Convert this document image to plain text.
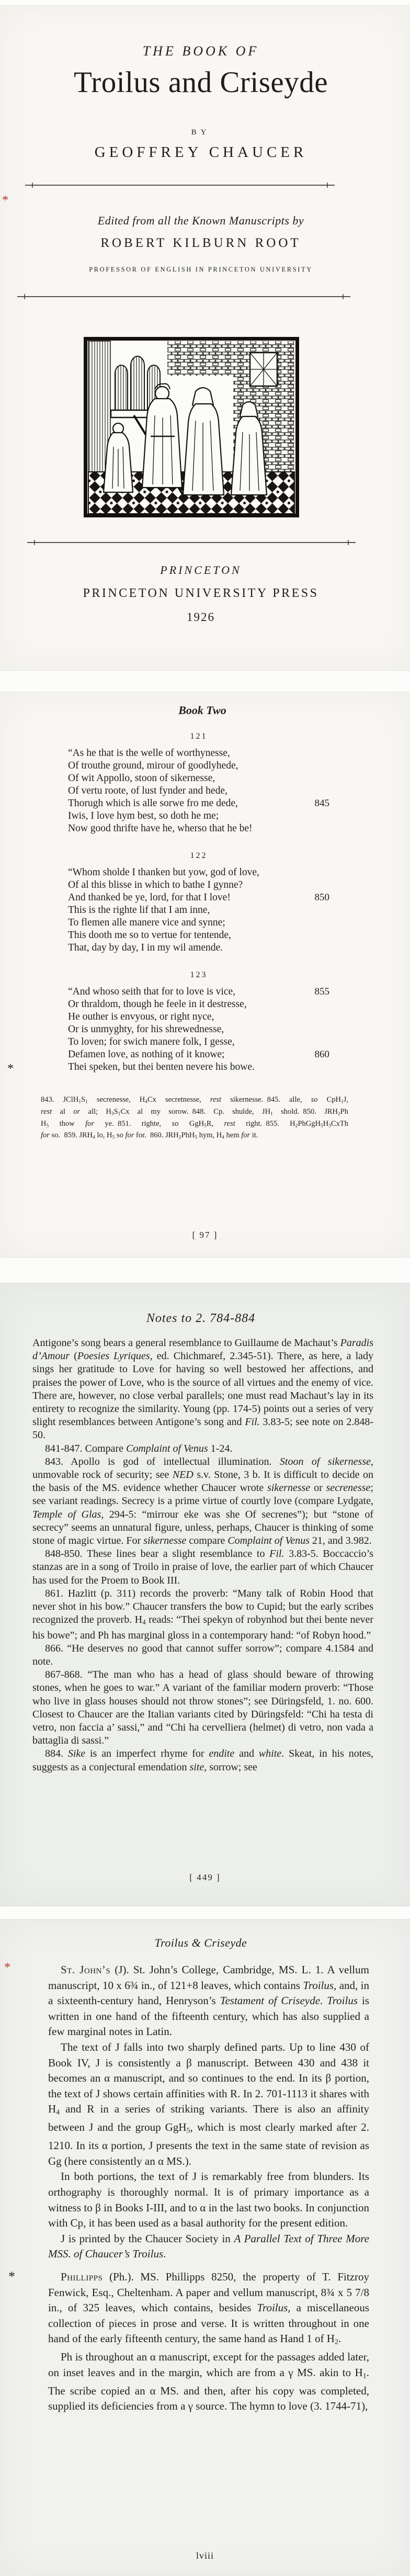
THE BOOK OF
Troilus and Criseyde
BY
GEOFFREY CHAUCER
*
Edited from all the Known Manuscripts by
ROBERT KILBURN ROOT
PROFESSOR OF ENGLISH IN PRINCETON UNIVERSITY
PRINCETON
PRINCETON UNIVERSITY PRESS
1926
Book Two
121
“As he that is the welle of worthynesse,
Of trouthe ground, mirour of goodlyhede,
Of wit Appollo, stoon of sikernesse,
Of vertu roote, of lust fynder and hede,
Thorugh which is alle sorwe fro me dede,	845
Iwis, I love hym best, so doth he me;
Now good thrifte have he, wherso that he be!
122
“Whom sholde I thanken but yow, god of love,
Of al this blisse in which to bathe I gynne?
And thanked be ye, lord, for that I love!	850
This is the righte lif that I am inne,
To flemen alle manere vice and synne;
This dooth me so to vertue for tentende,
That, day by day, I in my wil amende.
123
“And whoso seith that for to love is vice,	855
Or thraldom, though he feele in it destresse,
He outher is envyous, or right nyce,
Or is unmyghty, for his shrewednesse,
To loven; for swich manere folk, I gesse,
Defamen love, as nothing of it knowe;	860
Thei speken, but thei benten nevere his bowe.
*
843. JClH1S1 secrenesse, H4Cx secretnesse, rest sikernesse. 845. alle, so CpH1J,
rest al or all; H3S1Cx al my sorow. 848. Cp. shulde, JH1 shold. 850. JRH2Ph
H5 thow for ye. 851. righte, so GgH5R, rest right. 855. H2PhGgH5H3CxTh
for so. 859. JRH4 lo, H5 so for for. 860. JRH2PhH5 hym, H4 hem for it.
[ 97 ]
Notes to 2. 784-884
Antigone’s song bears a general resemblance to Guillaume de Machaut’s Paradis d’Amour (Poesies Lyriques, ed. Chichmaref, 2.345-51). There, as here, a lady sings her gratitude to Love for having so well bestowed her affections, and praises the power of Love, who is the source of all virtues and the enemy of vice. There are, however, no close verbal parallels; one must read Machaut’s lay in its entirety to recognize the similarity. Young (pp. 174-5) points out a series of very slight resemblances between Antigone’s song and Fil. 3.83-5; see note on 2.848-50.
841-847. Compare Complaint of Venus 1-24.
843. Apollo is god of intellectual illumination. Stoon of sikernesse, unmovable rock of security; see NED s.v. Stone, 3 b. It is difficult to decide on the basis of the MS. evidence whether Chaucer wrote sikernesse or secrenesse; see variant readings. Secrecy is a prime virtue of courtly love (compare Lydgate, Temple of Glas, 294-5: “mirrour eke was she Of secrenes”); but “stone of secrecy” seems an unnatural figure, unless, perhaps, Chaucer is thinking of some stone of magic virtue. For sikernesse compare Complaint of Venus 21, and 3.982.
848-850. These lines bear a slight resemblance to Fil. 3.83-5. Boccaccio’s stanzas are in a song of Troilo in praise of love, the earlier part of which Chaucer has used for the Proem to Book III.
861. Hazlitt (p. 311) records the proverb: “Many talk of Robin Hood that never shot in his bow.” Chaucer transfers the bow to Cupid; but the early scribes recognized the proverb. H4 reads: “Thei spekyn of robynhod but thei bente never his bowe”; and Ph has marginal gloss in a contemporary hand: “of Robyn hood.”
866. “He deserves no good that cannot suffer sorrow”; compare 4.1584 and note.
867-868. “The man who has a head of glass should beware of throwing stones, when he goes to war.” A variant of the familiar modern proverb: “Those who live in glass houses should not throw stones”; see Düringsfeld, 1. no. 600. Closest to Chaucer are the Italian variants cited by Düringsfeld: “Chi ha testa di vetro, non faccia a’ sassi,” and “Chi ha cervelliera (helmet) di vetro, non vada a battaglia di sassi.”
884. Sike is an imperfect rhyme for endite and white. Skeat, in his notes, suggests as a conjectural emendation site, sorrow; see
[ 449 ]
Troilus & Criseyde
*	St. John’s (J). St. John’s College, Cambridge, MS. L. 1. A vellum manuscript, 10 x 6¾ in., of 121+8 leaves, which contains Troilus, and, in a sixteenth-century hand, Henryson’s Testament of Criseyde. Troilus is written in one hand of the fifteenth century, which has also supplied a few marginal notes in Latin.
The text of J falls into two sharply defined parts. Up to line 430 of Book IV, J is consistently a β manuscript. Between 430 and 438 it becomes an α manuscript, and so continues to the end. In its β portion, the text of J shows certain affinities with R. In 2. 701-1113 it shares with H4 and R in a series of striking variants. There is also an affinity between J and the group GgH5, which is most clearly marked after 2. 1210. In its α portion, J presents the text in the same state of revision as Gg (here consistently an α MS.).
In both portions, the text of J is remarkably free from blunders. Its orthography is thoroughly normal. It is of primary importance as a witness to β in Books I-III, and to α in the last two books. In conjunction with Cp, it has been used as a basal authority for the present edition.
J is printed by the Chaucer Society in A Parallel Text of Three More MSS. of Chaucer’s Troilus.
*	Phillipps (Ph.). MS. Phillipps 8250, the property of T. Fitzroy Fenwick, Esq., Cheltenham. A paper and vellum manuscript, 8¾ x 5 7/8 in., of 325 leaves, which contains, besides Troilus, a miscellaneous collection of pieces in prose and verse. It is written throughout in one hand of the early fifteenth century, the same hand as Hand 1 of H2.
Ph is throughout an α manuscript, except for the passages added later, on inset leaves and in the margin, which are from a γ MS. akin to H1. The scribe copied an α MS. and then, after his copy was completed, supplied its deficiencies from a γ source. The hymn to love (3. 1744-71),
lviii
